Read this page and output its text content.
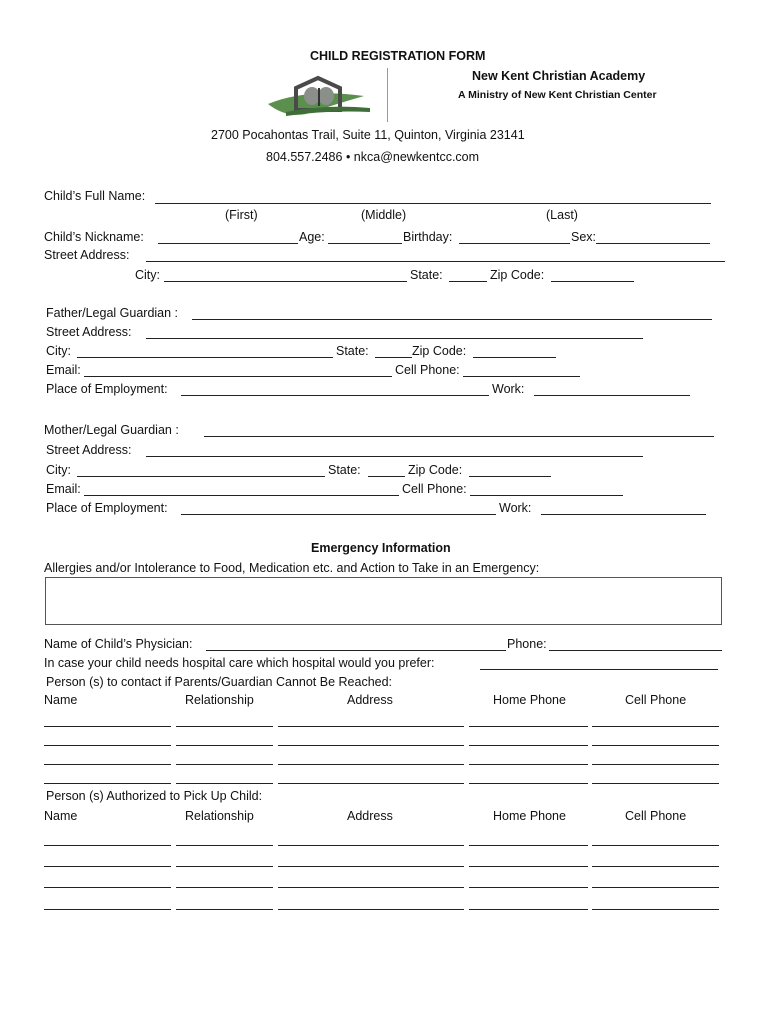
CHILD REGISTRATION FORM
New Kent Christian Academy
A Ministry of New Kent Christian Center
2700 Pocahontas Trail, Suite 11, Quinton, Virginia 23141
804.557.2486 • nkca@newkentcc.com
Child’s Full Name:
(First)	(Middle)	(Last)
Child’s Nickname:	Age:	Birthday:	Sex:
Street Address:
City:	State:	Zip Code:
Father/Legal Guardian :
Street Address:
City:	State:	Zip Code:
Email:	Cell Phone:
Place of Employment:	Work:
Mother/Legal Guardian :
Street Address:
City:	State:	Zip Code:
Email:	Cell Phone:
Place of Employment:	Work:
Emergency Information
Allergies and/or Intolerance to Food, Medication etc. and Action to Take in an Emergency:
Name of Child’s Physician:	Phone:
In case your child needs hospital care which hospital would you prefer:
Person (s) to contact if Parents/Guardian Cannot Be Reached:
Name	Relationship	Address	Home Phone	Cell Phone
Person (s) Authorized to Pick Up Child:
Name	Relationship	Address	Home Phone	Cell Phone
